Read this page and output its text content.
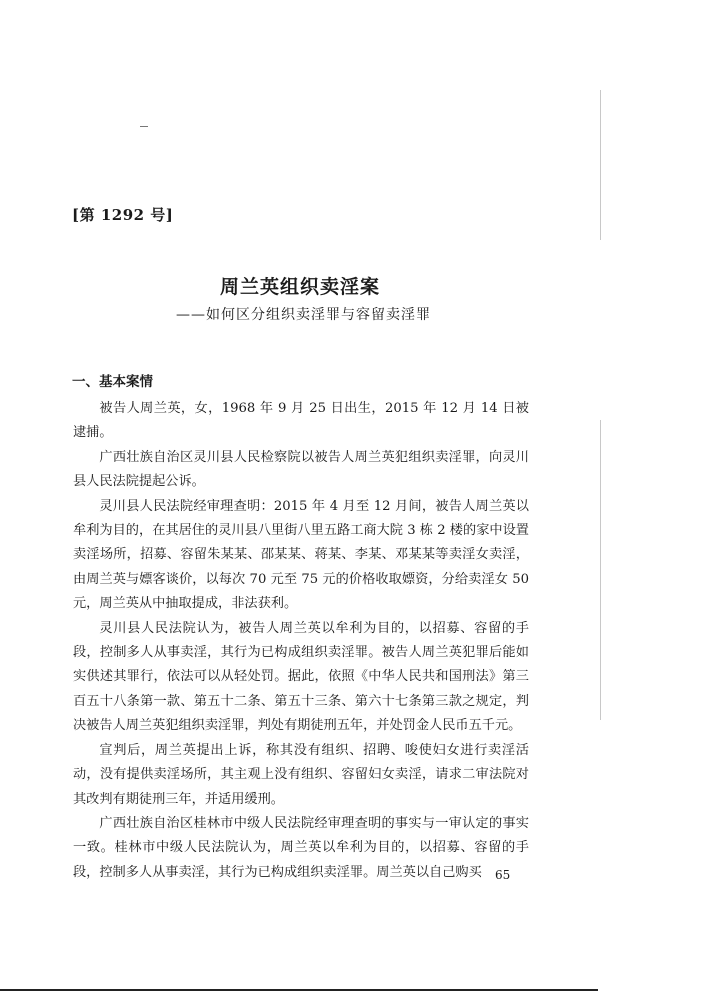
[第 1292 号]
周兰英组织卖淫案
——如何区分组织卖淫罪与容留卖淫罪
一、基本案情

被告人周兰英，女，1968 年 9 月 25 日出生，2015 年 12 月 14 日被逮捕。

广西壮族自治区灵川县人民检察院以被告人周兰英犯组织卖淫罪，向灵川县人民法院提起公诉。

灵川县人民法院经审理查明：2015 年 4 月至 12 月间，被告人周兰英以牟利为目的，在其居住的灵川县八里街八里五路工商大院 3 栋 2 楼的家中设置卖淫场所，招募、容留朱某某、邵某某、蒋某、李某、邓某某等卖淫女卖淫，由周兰英与嫖客谈价，以每次 70 元至 75 元的价格收取嫖资，分给卖淫女 50 元，周兰英从中抽取提成，非法获利。

灵川县人民法院认为，被告人周兰英以牟利为目的，以招募、容留的手段，控制多人从事卖淫，其行为已构成组织卖淫罪。被告人周兰英犯罪后能如实供述其罪行，依法可以从轻处罚。据此，依照《中华人民共和国刑法》第三百五十八条第一款、第五十二条、第五十三条、第六十七条第三款之规定，判决被告人周兰英犯组织卖淫罪，判处有期徒刑五年，并处罚金人民币五千元。

宣判后，周兰英提出上诉，称其没有组织、招聘、唆使妇女进行卖淫活动，没有提供卖淫场所，其主观上没有组织、容留妇女卖淫，请求二审法院对其改判有期徒刑三年，并适用缓刑。

广西壮族自治区桂林市中级人民法院经审理查明的事实与一审认定的事实一致。桂林市中级人民法院认为，周兰英以牟利为目的，以招募、容留的手段，控制多人从事卖淫，其行为已构成组织卖淫罪。周兰英以自己购买	65
